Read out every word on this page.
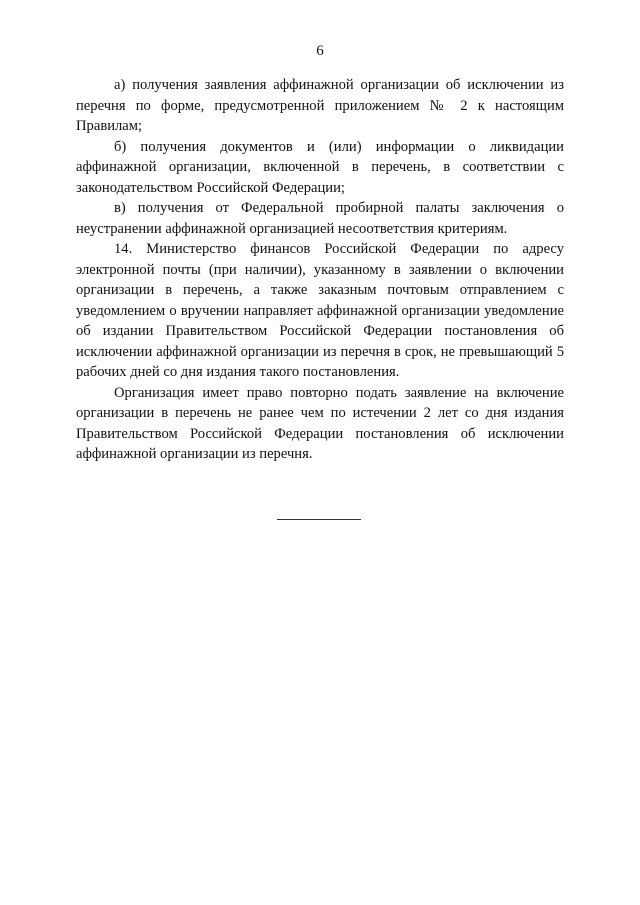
6

а) получения заявления аффинажной организации об исключении из перечня по форме, предусмотренной приложением № 2 к настоящим Правилам;

б) получения документов и (или) информации о ликвидации аффинажной организации, включенной в перечень, в соответствии с законодательством Российской Федерации;

в) получения от Федеральной пробирной палаты заключения о неустранении аффинажной организацией несоответствия критериям.

14. Министерство финансов Российской Федерации по адресу электронной почты (при наличии), указанному в заявлении о включении организации в перечень, а также заказным почтовым отправлением с уведомлением о вручении направляет аффинажной организации уведомление об издании Правительством Российской Федерации постановления об исключении аффинажной организации из перечня в срок, не превышающий 5 рабочих дней со дня издания такого постановления.

Организация имеет право повторно подать заявление на включение организации в перечень не ранее чем по истечении 2 лет со дня издания Правительством Российской Федерации постановления об исключении аффинажной организации из перечня.
